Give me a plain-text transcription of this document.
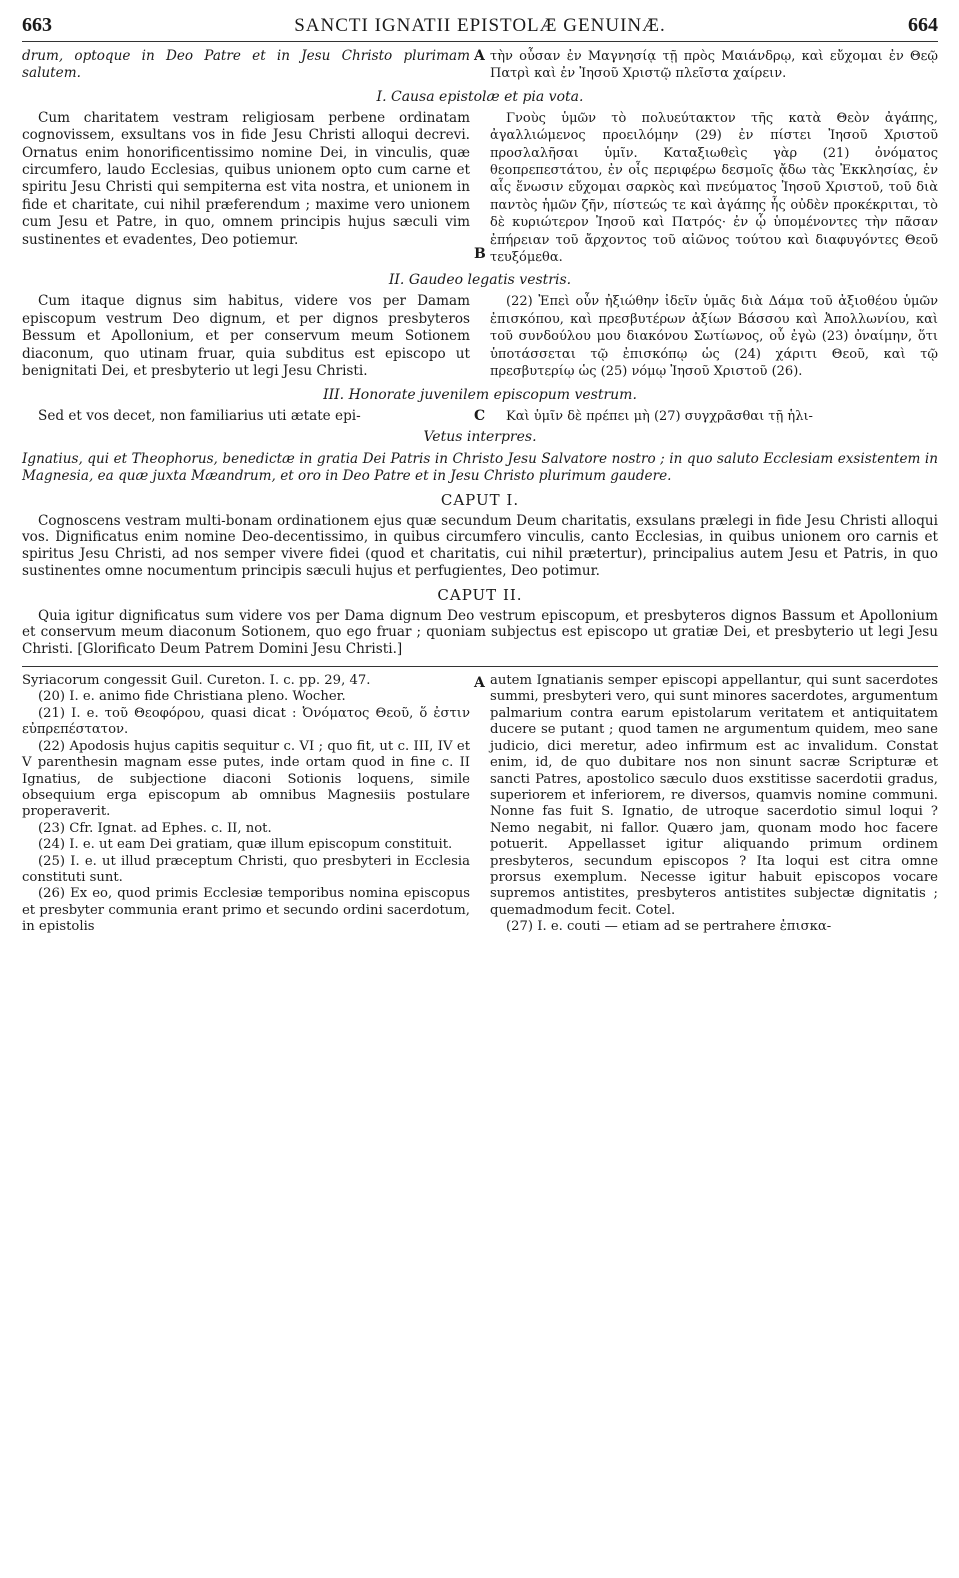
663	SANCTI IGNATII EPISTOLÆ GENUINÆ.	664
drum, optoque in Deo Patre et in Jesu Christo plurimam salutem.
A τὴν οὖσαν ἐν Μαγνησίᾳ τῇ πρὸς Μαιάνδρῳ, καὶ εὔχομαι ἐν Θεῷ Πατρὶ καὶ ἐν Ἰησοῦ Χριστῷ πλεῖστα χαίρειν.
I. Causa epistolæ et pia vota.
Cum charitatem vestram religiosam perbene ordinatam cognovissem, exsultans vos in fide Jesu Christi alloqui decrevi. Ornatus enim honorificentissimo nomine Dei, in vinculis, quæ circumfero, laudo Ecclesias, quibus unionem opto cum carne et spiritu Jesu Christi qui sempiterna est vita nostra, et unionem in fide et charitate, cui nihil præferendum ; maxime vero unionem cum Jesu et Patre, in quo, omnem principis hujus sæculi vim sustinentes et evadentes, Deo potiemur.
B
Γνοὺς ὑμῶν τὸ πολυεύτακτον τῆς κατὰ Θεὸν ἀγάπης, ἀγαλλιώμενος προειλόμην (29) ἐν πίστει Ἰησοῦ Χριστοῦ προσλαλῆσαι ὑμῖν. Καταξιωθεὶς γὰρ (21) ὀνόματος θεοπρεπεστάτου, ἐν οἷς περιφέρω δεσμοῖς ᾄδω τὰς Ἐκκλησίας, ἐν αἷς ἕνωσιν εὔχομαι σαρκὸς καὶ πνεύματος Ἰησοῦ Χριστοῦ, τοῦ διὰ παντὸς ἡμῶν ζῆν, πίστεώς τε καὶ ἀγάπης ἧς οὐδὲν προκέκριται, τὸ δὲ κυριώτερον Ἰησοῦ καὶ Πατρός· ἐν ᾧ ὑπομένοντες τὴν πᾶσαν ἐπήρειαν τοῦ ἄρχοντος τοῦ αἰῶνος τούτου καὶ διαφυγόντες Θεοῦ τευξόμεθα.
II. Gaudeo legatis vestris.
Cum itaque dignus sim habitus, videre vos per Damam episcopum vestrum Deo dignum, et per dignos presbyteros Bessum et Apollonium, et per conservum meum Sotionem diaconum, quo utinam fruar, quia subditus est episcopo ut benignitati Dei, et presbyterio ut legi Jesu Christi.
(22) Ἐπεὶ οὖν ἠξιώθην ἰδεῖν ὑμᾶς διὰ Δάμα τοῦ ἀξιοθέου ὑμῶν ἐπισκόπου, καὶ πρεσβυτέρων ἀξίων Βάσσου καὶ Ἀπολλωνίου, καὶ τοῦ συνδούλου μου διακόνου Σωτίωνος, οὗ ἐγὼ (23) ὀναίμην, ὅτι ὑποτάσσεται τῷ ἐπισκόπῳ ὡς (24) χάριτι Θεοῦ, καὶ τῷ πρεσβυτερίῳ ὡς (25) νόμῳ Ἰησοῦ Χριστοῦ (26).
III. Honorate juvenilem episcopum vestrum.
Sed et vos decet, non familiarius uti ætate epi-	C	Καὶ ὑμῖν δὲ πρέπει μὴ (27) συγχρᾶσθαι τῇ ἡλι-
Vetus interpres.
Ignatius, qui et Theophorus, benedictæ in gratia Dei Patris in Christo Jesu Salvatore nostro ; in quo saluto Ecclesiam exsistentem in Magnesia, ea quæ juxta Mæandrum, et oro in Deo Patre et in Jesu Christo plurimum gaudere.
CAPUT I.
Cognoscens vestram multi-bonam ordinationem ejus quæ secundum Deum charitatis, exsulans prælegi in fide Jesu Christi alloqui vos. Dignificatus enim nomine Deo-decentissimo, in quibus circumfero vinculis, canto Ecclesias, in quibus unionem oro carnis et spiritus Jesu Christi, ad nos semper vivere fidei (quod et charitatis, cui nihil prætertur), principalius autem Jesu et Patris, in quo sustinentes omne nocumentum principis sæculi hujus et perfugientes, Deo potimur.
CAPUT II.
Quia igitur dignificatus sum videre vos per Dama dignum Deo vestrum episcopum, et presbyteros dignos Bassum et Apollonium et conservum meum diaconum Sotionem, quo ego fruar ; quoniam subjectus est episcopo ut gratiæ Dei, et presbyterio ut legi Jesu Christi. [Glorificato Deum Patrem Domini Jesu Christi.]

Syriacorum congessit Guil. Cureton. I. c. pp. 29, 47.

(20) I. e. animo fide Christiana pleno. Wocher.

(21) I. e. τοῦ Θεοφόρου, quasi dicat : Ὀνόματος Θεοῦ, ὅ ἐστιν εὐπρεπέστατον.

(22) Apodosis hujus capitis sequitur c. VI ; quo fit, ut c. III, IV et V parenthesin magnam esse putes, inde ortam quod in fine c. II Ignatius, de subjectione diaconi Sotionis loquens, simile obsequium erga episcopum ab omnibus Magnesiis postulare properaverit.

(23) Cfr. Ignat. ad Ephes. c. II, not.

(24) I. e. ut eam Dei gratiam, quæ illum episcopum constituit.

(25) I. e. ut illud præceptum Christi, quo presbyteri in Ecclesia constituti sunt.

(26) Ex eo, quod primis Ecclesiæ temporibus nomina episcopus et presbyter communia erant primo et secundo ordini sacerdotum, in epistolis

A autem Ignatianis semper episcopi appellantur, qui sunt sacerdotes summi, presbyteri vero, qui sunt minores sacerdotes, argumentum palmarium contra earum epistolarum veritatem et antiquitatem ducere se putant ; quod tamen ne argumentum quidem, meo sane judicio, dici meretur, adeo infirmum est ac invalidum. Constat enim, id, de quo dubitare nos non sinunt sacræ Scripturæ et sancti Patres, apostolico sæculo duos exstitisse sacerdotii gradus, superiorem et inferiorem, re diversos, quamvis nomine communi. Nonne fas fuit S. Ignatio, de utroque sacerdotio simul loqui ? Nemo negabit, ni fallor. Quæro jam, quonam modo hoc facere potuerit. Appellasset igitur aliquando primum ordinem presbyteros, secundum episcopos ? Ita loqui est citra omne prorsus exemplum. Necesse igitur habuit episcopos vocare supremos antistites, presbyteros antistites subjectæ dignitatis ; quemadmodum fecit. Cotel.

(27) I. e. couti — etiam ad se pertrahere ἐπισκα-
